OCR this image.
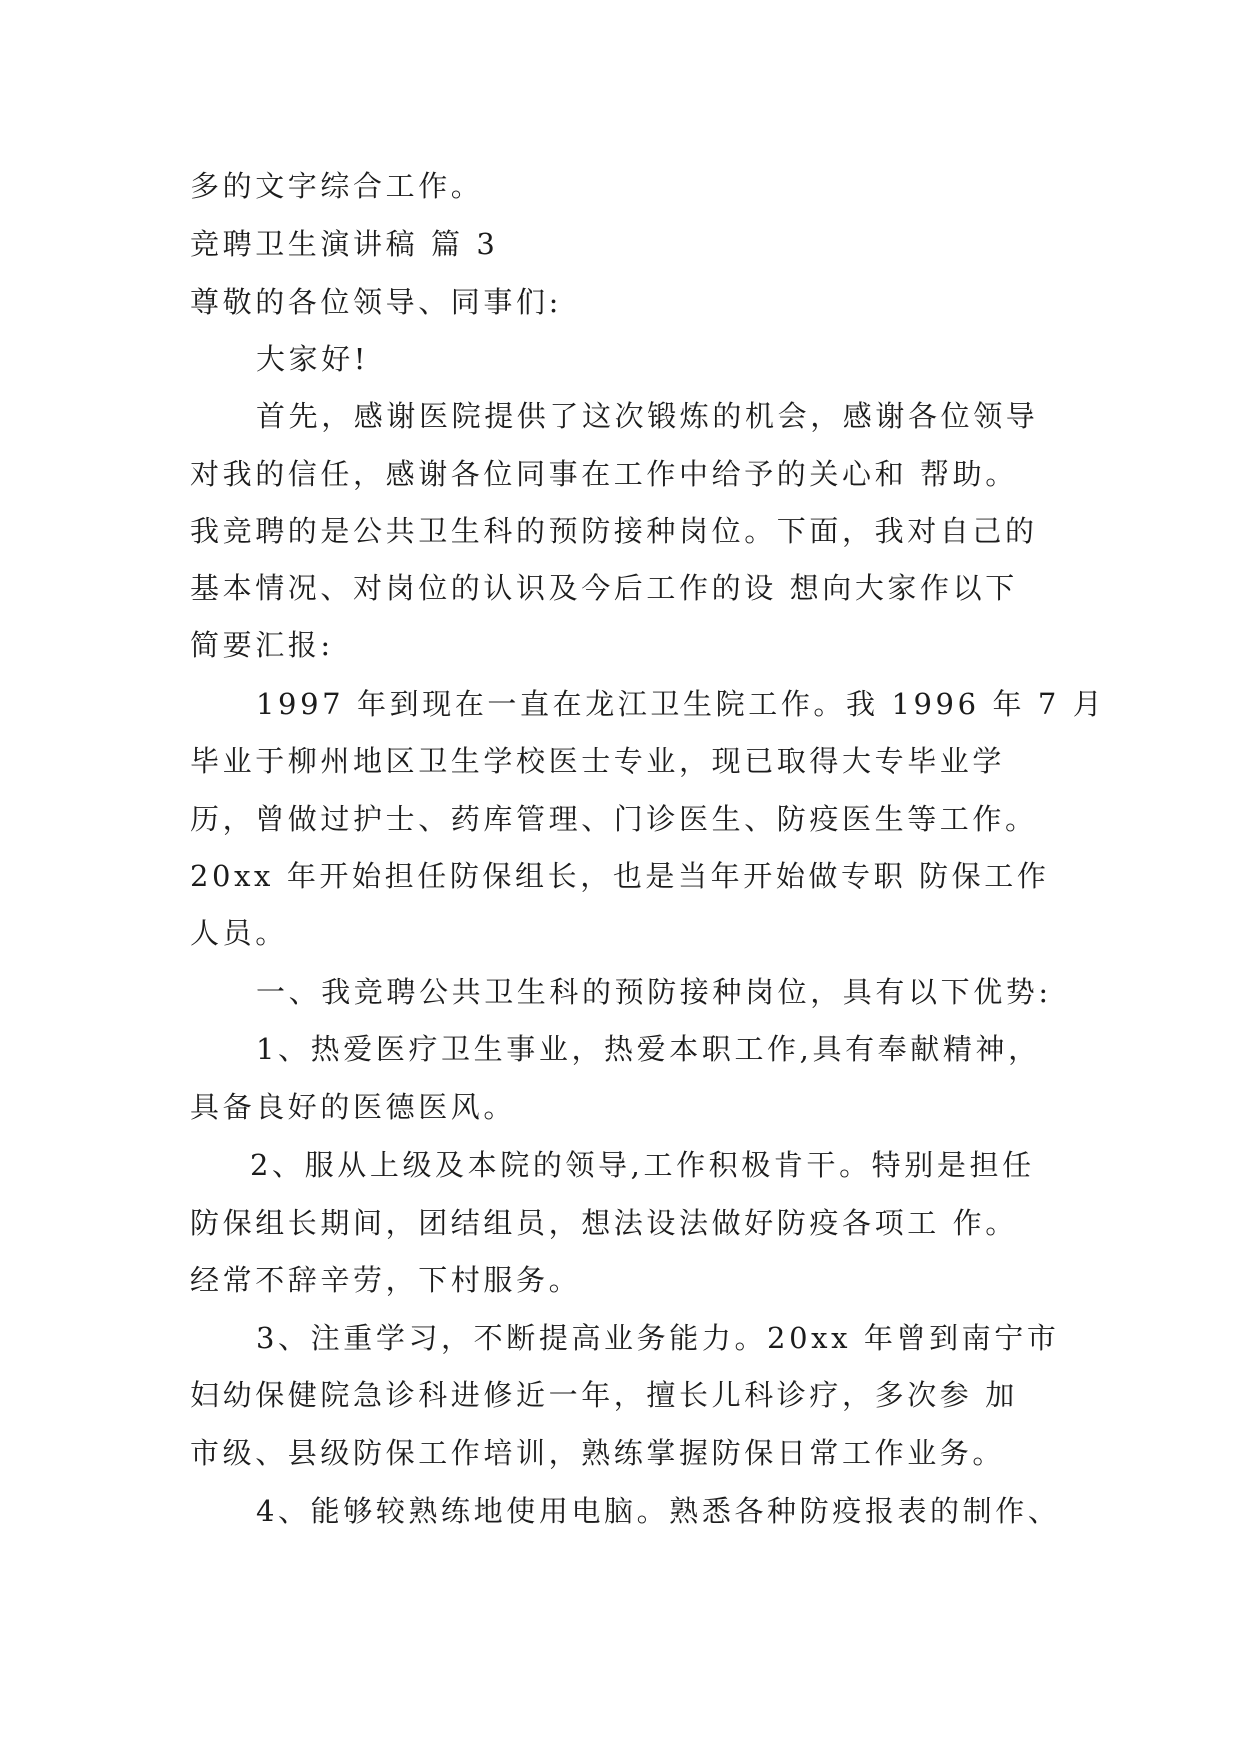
多的文字综合工作。
竞聘卫生演讲稿 篇 3
尊敬的各位领导、同事们:
大家好!
首先，感谢医院提供了这次锻炼的机会，感谢各位领导
对我的信任，感谢各位同事在工作中给予的关心和 帮助。
我竞聘的是公共卫生科的预防接种岗位。下面，我对自己的
基本情况、对岗位的认识及今后工作的设 想向大家作以下
简要汇报:
1997 年到现在一直在龙江卫生院工作。我 1996 年 7 月
毕业于柳州地区卫生学校医士专业，现已取得大专毕业学
历，曾做过护士、药库管理、门诊医生、防疫医生等工作。
20xx 年开始担任防保组长，也是当年开始做专职 防保工作
人员。
一、我竞聘公共卫生科的预防接种岗位，具有以下优势:
1、热爱医疗卫生事业，热爱本职工作,具有奉献精神，
具备良好的医德医风。
2、服从上级及本院的领导,工作积极肯干。特别是担任
防保组长期间，团结组员，想法设法做好防疫各项工 作。
经常不辞辛劳，下村服务。
3、注重学习，不断提高业务能力。20xx 年曾到南宁市
妇幼保健院急诊科进修近一年，擅长儿科诊疗，多次参 加
市级、县级防保工作培训，熟练掌握防保日常工作业务。
4、能够较熟练地使用电脑。熟悉各种防疫报表的制作、
